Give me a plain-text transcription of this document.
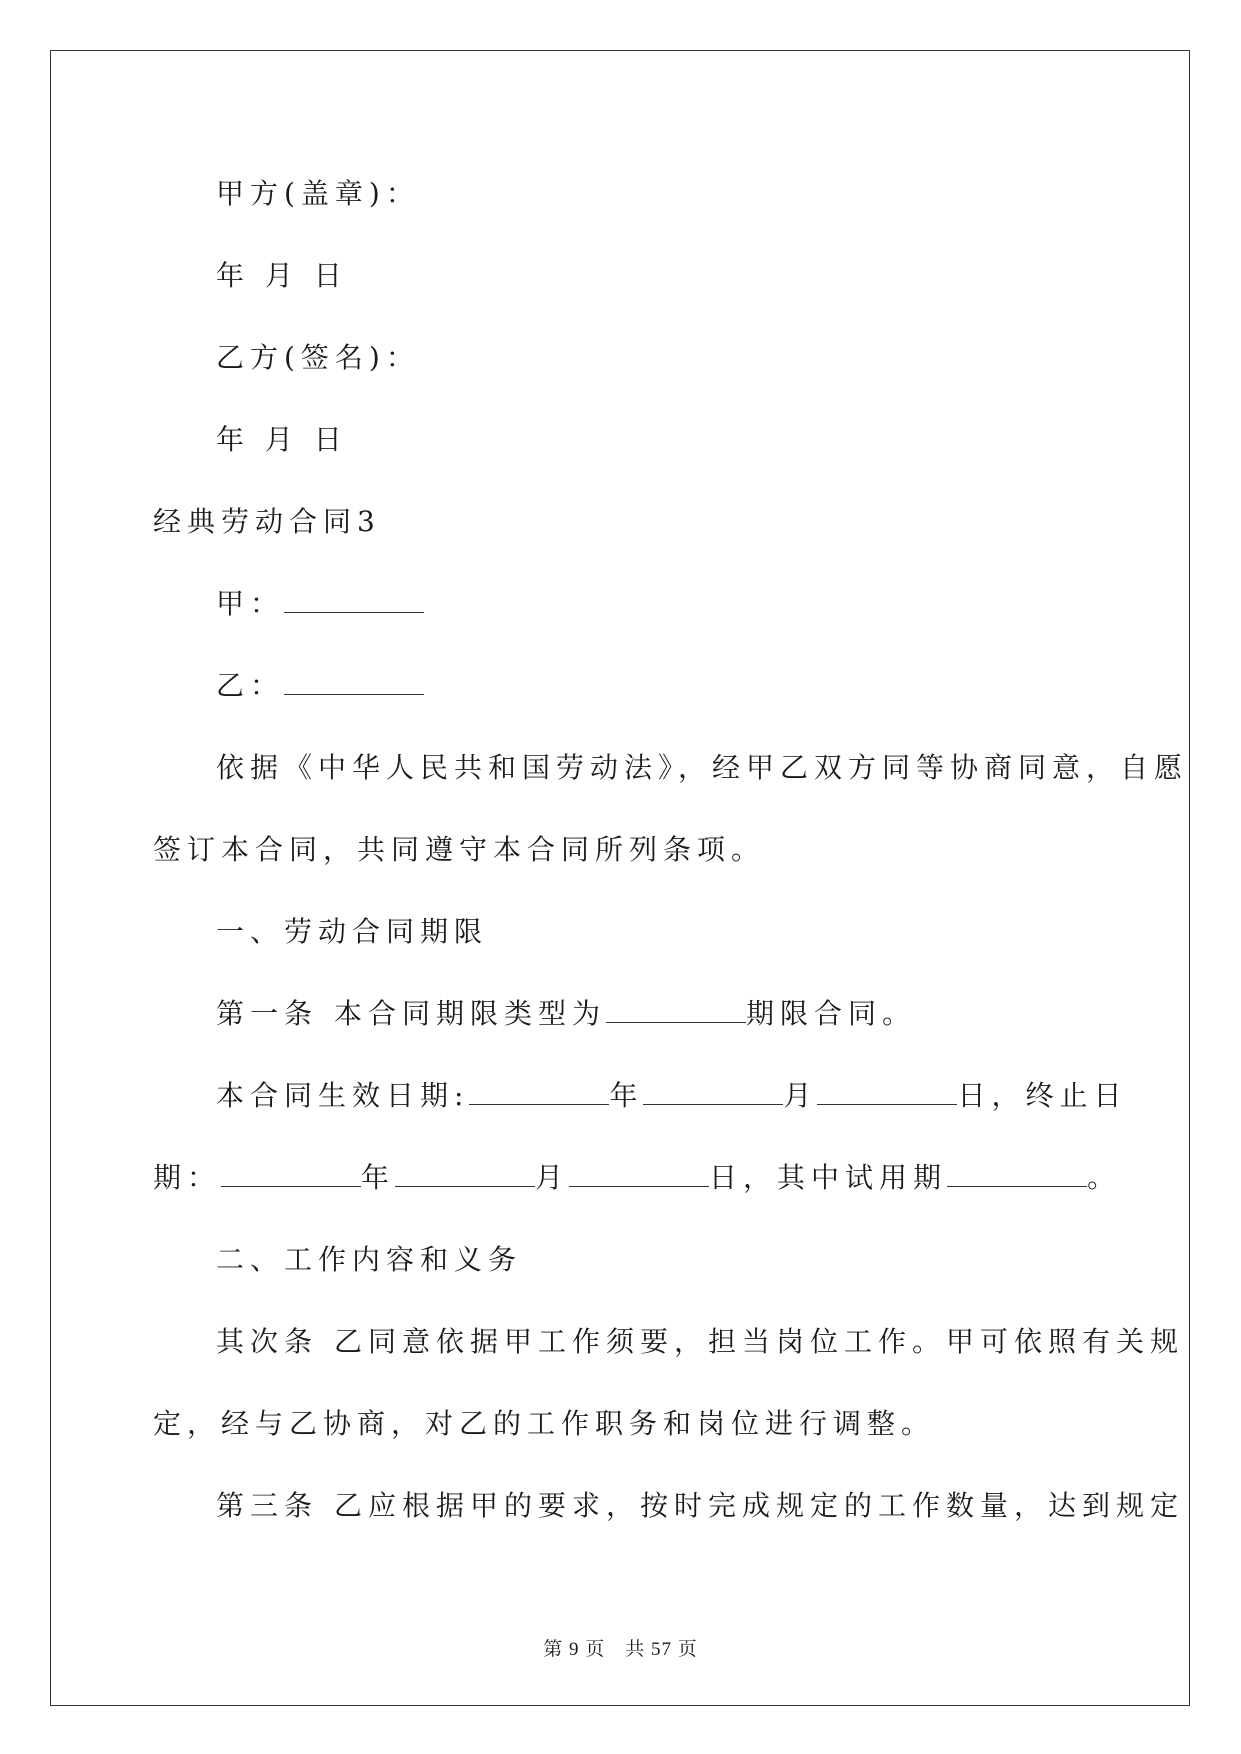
甲方(盖章)：
年 月 日
乙方(签名)：
年 月 日
经典劳动合同3
甲：
乙：
依据《中华人民共和国劳动法》，经甲乙双方同等协商同意，自愿
签订本合同，共同遵守本合同所列条项。
一、劳动合同期限
第一条 本合同期限类型为	期限合同。
本合同生效日期:	年	月	日，终止日
期：	年	月	日，其中试用期	。
二、工作内容和义务
其次条 乙同意依据甲工作须要，担当岗位工作。甲可依照有关规
定，经与乙协商，对乙的工作职务和岗位进行调整。
第三条 乙应根据甲的要求，按时完成规定的工作数量，达到规定
第 9 页　共 57 页
